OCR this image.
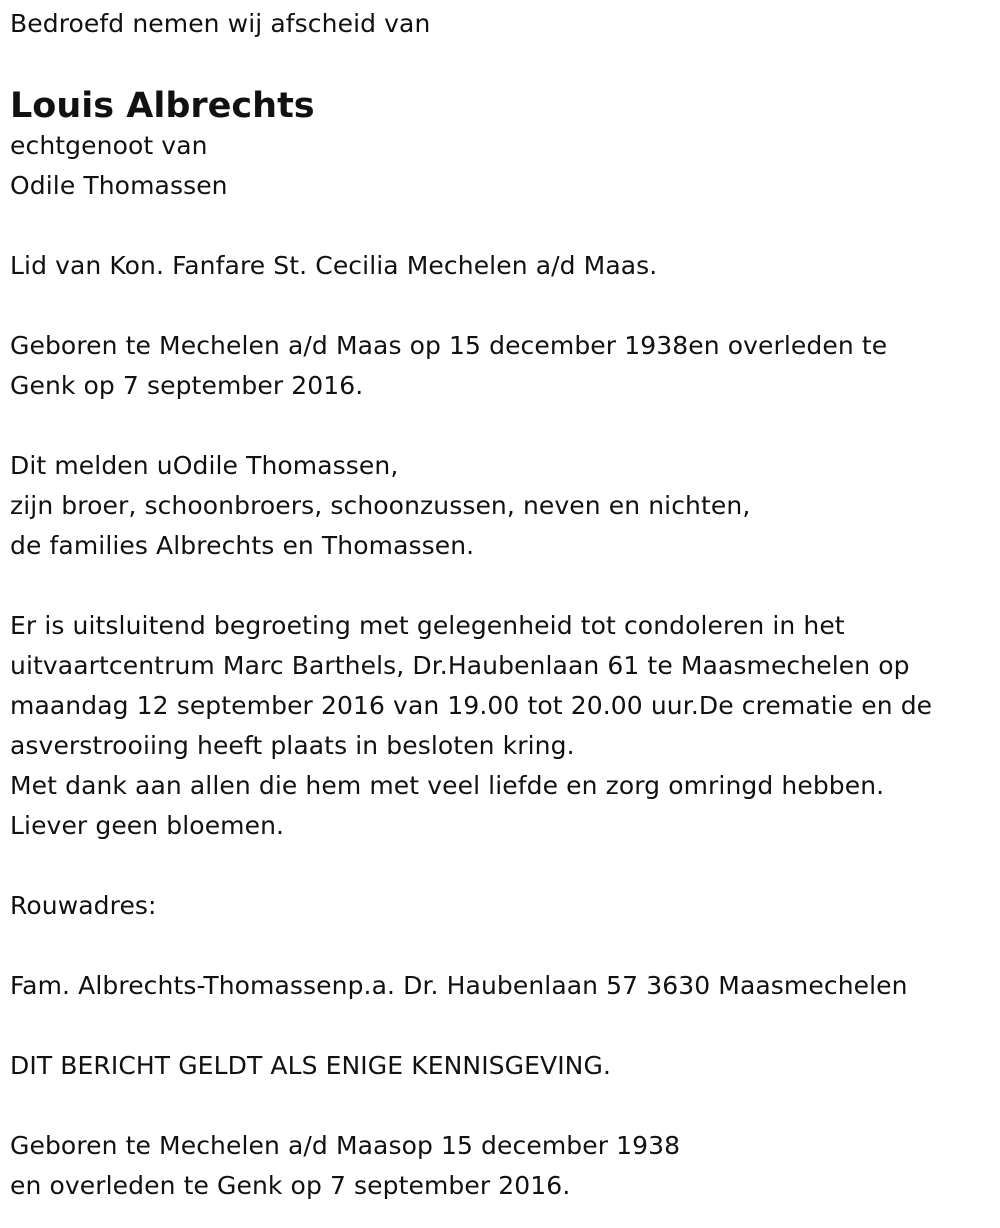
Bedroefd nemen wij afscheid van
Louis Albrechts
echtgenoot van
Odile Thomassen
Lid van Kon. Fanfare St. Cecilia Mechelen a/d Maas.
Geboren te Mechelen a/d Maas op 15 december 1938en overleden te
Genk op 7 september 2016.
Dit melden uOdile Thomassen,
zijn broer, schoonbroers, schoonzussen, neven en nichten,
de families Albrechts en Thomassen.
Er is uitsluitend begroeting met gelegenheid tot condoleren in het
uitvaartcentrum Marc Barthels, Dr.Haubenlaan 61 te Maasmechelen op
maandag 12 september 2016 van 19.00 tot 20.00 uur.De crematie en de
asverstrooiing heeft plaats in besloten kring.
Met dank aan allen die hem met veel liefde en zorg omringd hebben.
Liever geen bloemen.
Rouwadres:
Fam. Albrechts-Thomassenp.a. Dr. Haubenlaan 57 3630 Maasmechelen
DIT BERICHT GELDT ALS ENIGE KENNISGEVING.
Geboren te Mechelen a/d Maasop 15 december 1938
en overleden te Genk op 7 september 2016.
